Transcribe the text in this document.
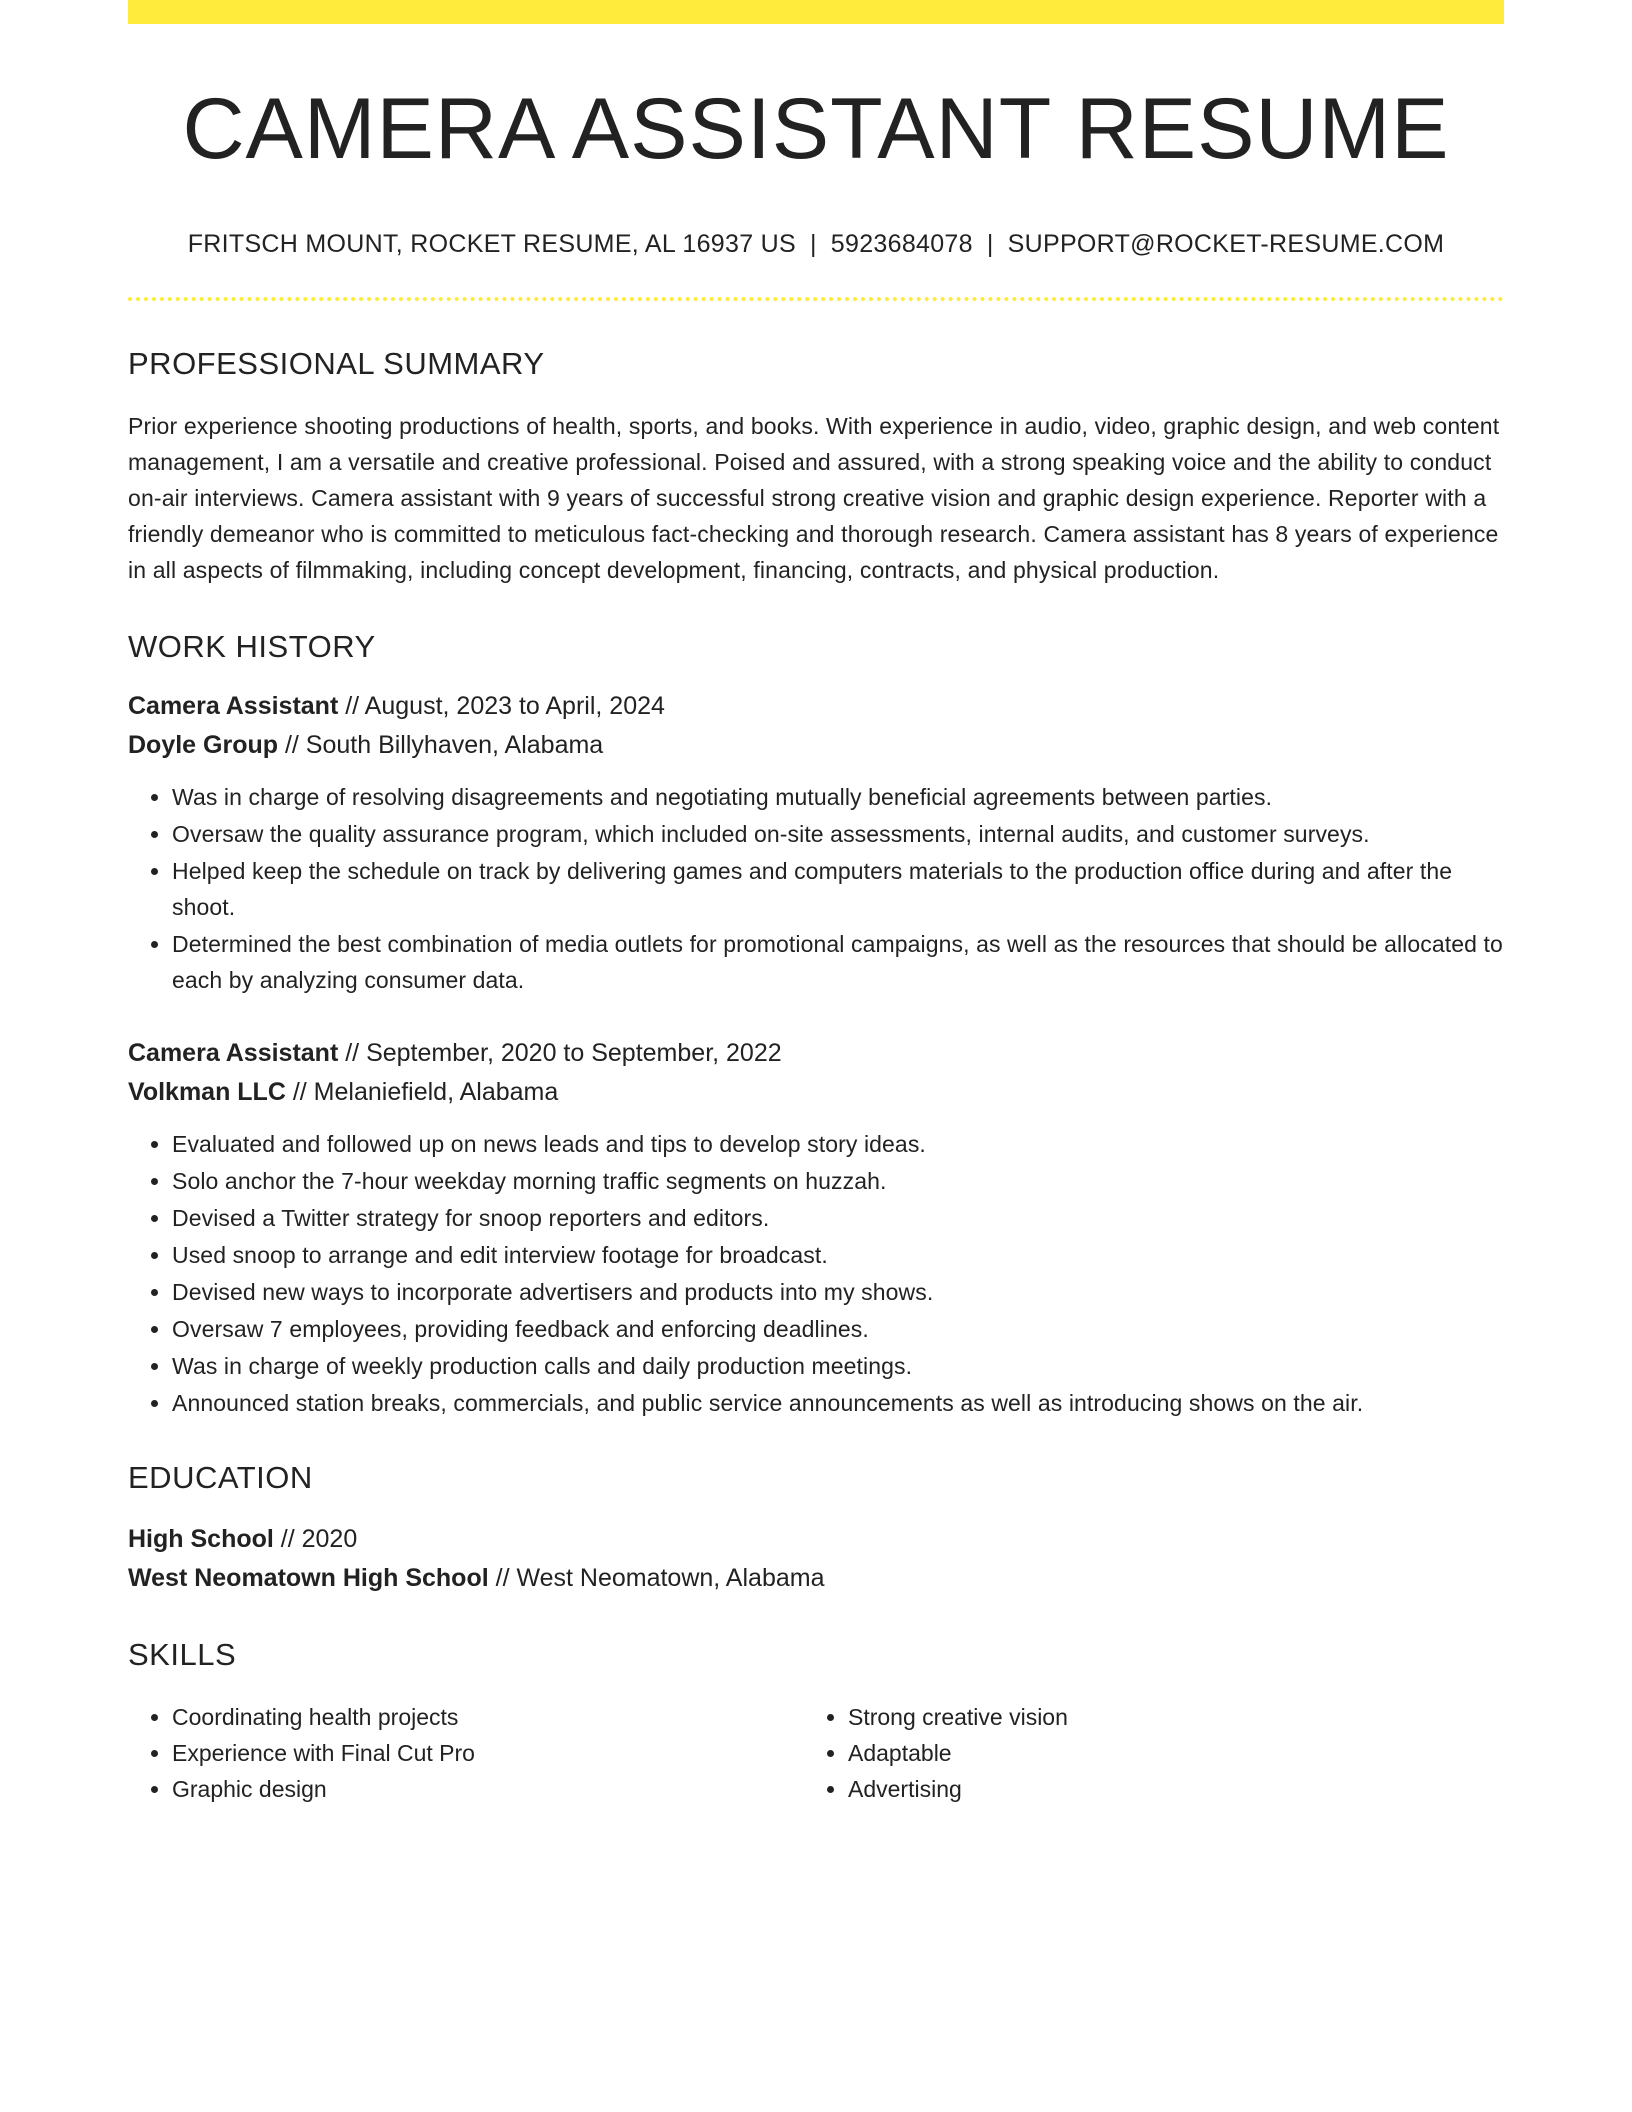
CAMERA ASSISTANT RESUME
FRITSCH MOUNT, ROCKET RESUME, AL 16937 US | 5923684078 | SUPPORT@ROCKET-RESUME.COM
PROFESSIONAL SUMMARY

Prior experience shooting productions of health, sports, and books. With experience in audio, video, graphic design, and web content management, I am a versatile and creative professional. Poised and assured, with a strong speaking voice and the ability to conduct on-air interviews. Camera assistant with 9 years of successful strong creative vision and graphic design experience. Reporter with a friendly demeanor who is committed to meticulous fact-checking and thorough research. Camera assistant has 8 years of experience in all aspects of filmmaking, including concept development, financing, contracts, and physical production.

WORK HISTORY
Camera Assistant // August, 2023 to April, 2024
Doyle Group // South Billyhaven, Alabama
• Was in charge of resolving disagreements and negotiating mutually beneficial agreements between parties.
• Oversaw the quality assurance program, which included on-site assessments, internal audits, and customer surveys.
• Helped keep the schedule on track by delivering games and computers materials to the production office during and after the shoot.
• Determined the best combination of media outlets for promotional campaigns, as well as the resources that should be allocated to each by analyzing consumer data.
Camera Assistant // September, 2020 to September, 2022
Volkman LLC // Melaniefield, Alabama
• Evaluated and followed up on news leads and tips to develop story ideas.
• Solo anchor the 7-hour weekday morning traffic segments on huzzah.
• Devised a Twitter strategy for snoop reporters and editors.
• Used snoop to arrange and edit interview footage for broadcast.
• Devised new ways to incorporate advertisers and products into my shows.
• Oversaw 7 employees, providing feedback and enforcing deadlines.
• Was in charge of weekly production calls and daily production meetings.
• Announced station breaks, commercials, and public service announcements as well as introducing shows on the air.
EDUCATION
High School // 2020
West Neomatown High School // West Neomatown, Alabama
SKILLS
• Coordinating health projects
• Experience with Final Cut Pro
• Graphic design
• Strong creative vision
• Adaptable
• Advertising
